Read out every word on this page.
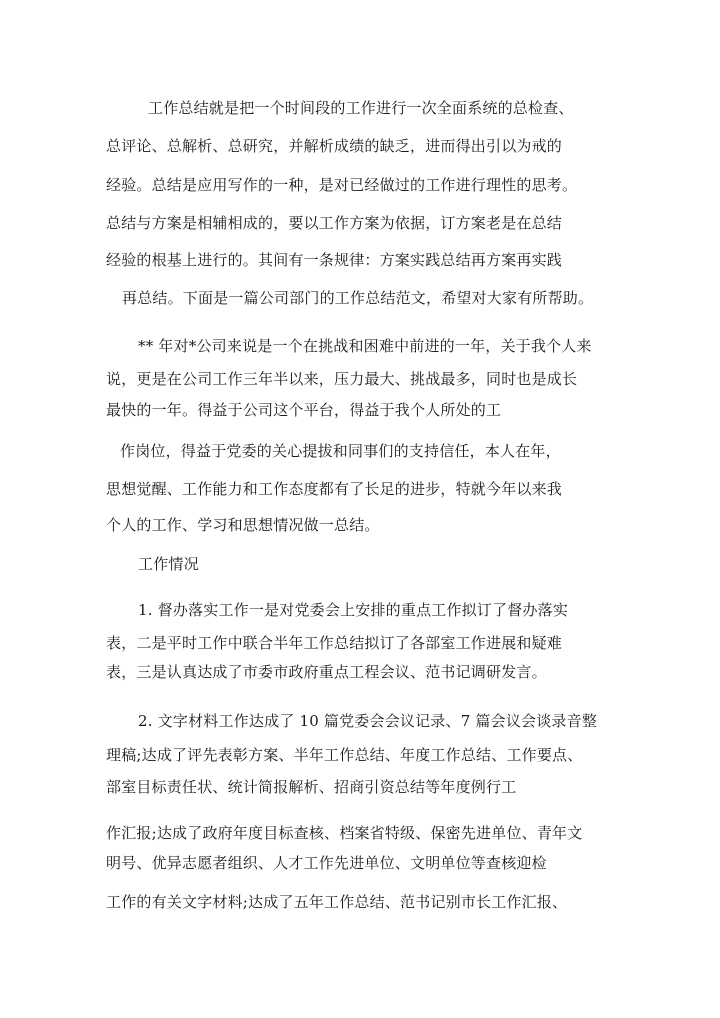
工作总结就是把一个时间段的工作进行一次全面系统的总检查、
总评论、总解析、总研究，并解析成绩的缺乏，进而得出引以为戒的
经验。总结是应用写作的一种，是对已经做过的工作进行理性的思考。
总结与方案是相辅相成的，要以工作方案为依据，订方案老是在总结
经验的根基上进行的。其间有一条规律：方案实践总结再方案再实践
再总结。下面是一篇公司部门的工作总结范文，希望对大家有所帮助。
** 年对*公司来说是一个在挑战和困难中前进的一年，关于我个人来
说，更是在公司工作三年半以来，压力最大、挑战最多，同时也是成长
最快的一年。得益于公司这个平台，得益于我个人所处的工
作岗位，得益于党委的关心提拔和同事们的支持信任，本人在年，
思想觉醒、工作能力和工作态度都有了长足的进步，特就今年以来我
个人的工作、学习和思想情况做一总结。
工作情况
1. 督办落实工作一是对党委会上安排的重点工作拟订了督办落实
表，二是平时工作中联合半年工作总结拟订了各部室工作进展和疑难
表，三是认真达成了市委市政府重点工程会议、范书记调研发言。
2. 文字材料工作达成了 10 篇党委会会议记录、7 篇会议会谈录音整
理稿;达成了评先表彰方案、半年工作总结、年度工作总结、工作要点、
部室目标责任状、统计简报解析、招商引资总结等年度例行工
作汇报;达成了政府年度目标查核、档案省特级、保密先进单位、青年文
明号、优异志愿者组织、人才工作先进单位、文明单位等查核迎检
工作的有关文字材料;达成了五年工作总结、范书记别市长工作汇报、
